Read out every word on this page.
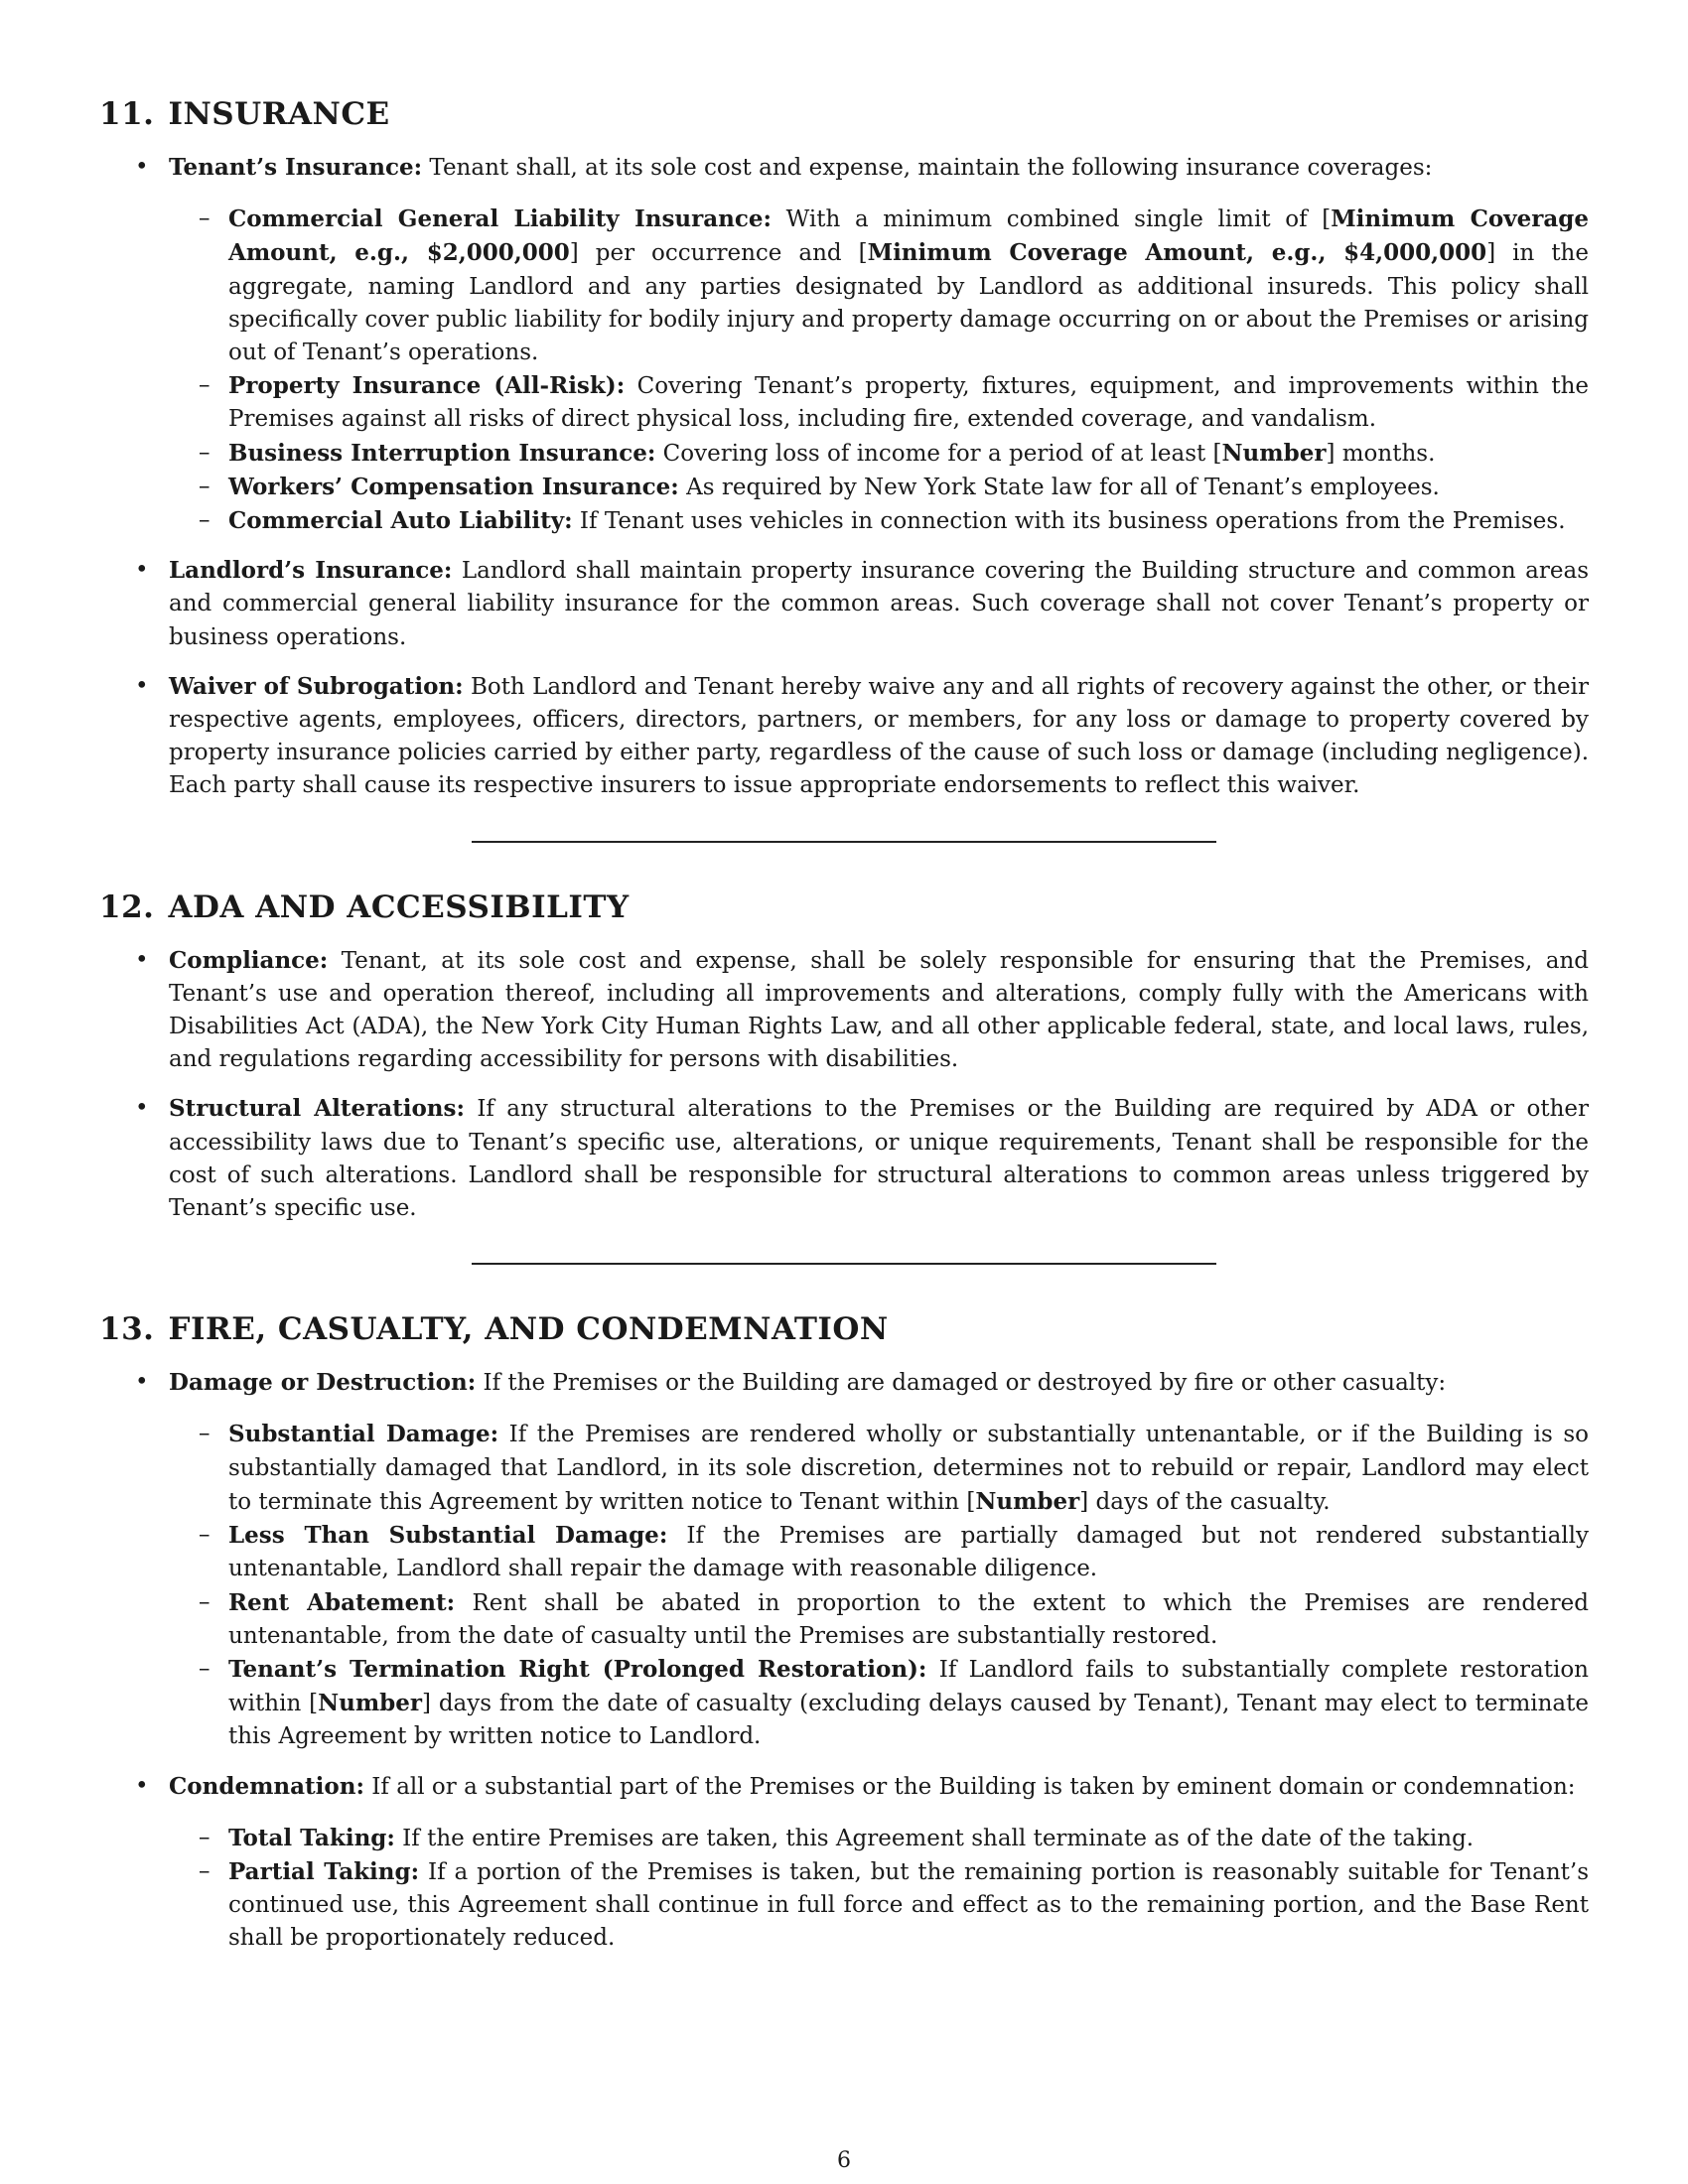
11. INSURANCE
• Tenant’s Insurance: Tenant shall, at its sole cost and expense, maintain the following insurance coverages:
– Commercial General Liability Insurance: With a minimum combined single limit of [Minimum Coverage Amount, e.g., $2,000,000] per occurrence and [Minimum Coverage Amount, e.g., $4,000,000] in the aggregate, naming Landlord and any parties designated by Landlord as additional insureds. This policy shall specifically cover public liability for bodily injury and property damage occurring on or about the Premises or arising out of Tenant’s operations.
– Property Insurance (All-Risk): Covering Tenant’s property, fixtures, equipment, and improvements within the Premises against all risks of direct physical loss, including fire, extended coverage, and vandalism.
– Business Interruption Insurance: Covering loss of income for a period of at least [Number] months.
– Workers’ Compensation Insurance: As required by New York State law for all of Tenant’s employees.
– Commercial Auto Liability: If Tenant uses vehicles in connection with its business operations from the Premises.
• Landlord’s Insurance: Landlord shall maintain property insurance covering the Building structure and common areas and commercial general liability insurance for the common areas. Such coverage shall not cover Tenant’s property or business operations.
• Waiver of Subrogation: Both Landlord and Tenant hereby waive any and all rights of recovery against the other, or their respective agents, employees, officers, directors, partners, or members, for any loss or damage to property covered by property insurance policies carried by either party, regardless of the cause of such loss or damage (including negligence). Each party shall cause its respective insurers to issue appropriate endorsements to reflect this waiver.
12. ADA AND ACCESSIBILITY
• Compliance: Tenant, at its sole cost and expense, shall be solely responsible for ensuring that the Premises, and Tenant’s use and operation thereof, including all improvements and alterations, comply fully with the Americans with Disabilities Act (ADA), the New York City Human Rights Law, and all other applicable federal, state, and local laws, rules, and regulations regarding accessibility for persons with disabilities.
• Structural Alterations: If any structural alterations to the Premises or the Building are required by ADA or other accessibility laws due to Tenant’s specific use, alterations, or unique requirements, Tenant shall be responsible for the cost of such alterations. Landlord shall be responsible for structural alterations to common areas unless triggered by Tenant’s specific use.
13. FIRE, CASUALTY, AND CONDEMNATION
• Damage or Destruction: If the Premises or the Building are damaged or destroyed by fire or other casualty:
– Substantial Damage: If the Premises are rendered wholly or substantially untenantable, or if the Building is so substantially damaged that Landlord, in its sole discretion, determines not to rebuild or repair, Landlord may elect to terminate this Agreement by written notice to Tenant within [Number] days of the casualty.
– Less Than Substantial Damage: If the Premises are partially damaged but not rendered substantially untenantable, Landlord shall repair the damage with reasonable diligence.
– Rent Abatement: Rent shall be abated in proportion to the extent to which the Premises are rendered untenantable, from the date of casualty until the Premises are substantially restored.
– Tenant’s Termination Right (Prolonged Restoration): If Landlord fails to substantially complete restoration within [Number] days from the date of casualty (excluding delays caused by Tenant), Tenant may elect to terminate this Agreement by written notice to Landlord.
• Condemnation: If all or a substantial part of the Premises or the Building is taken by eminent domain or condemnation:
– Total Taking: If the entire Premises are taken, this Agreement shall terminate as of the date of the taking.
– Partial Taking: If a portion of the Premises is taken, but the remaining portion is reasonably suitable for Tenant’s continued use, this Agreement shall continue in full force and effect as to the remaining portion, and the Base Rent shall be proportionately reduced.
6
